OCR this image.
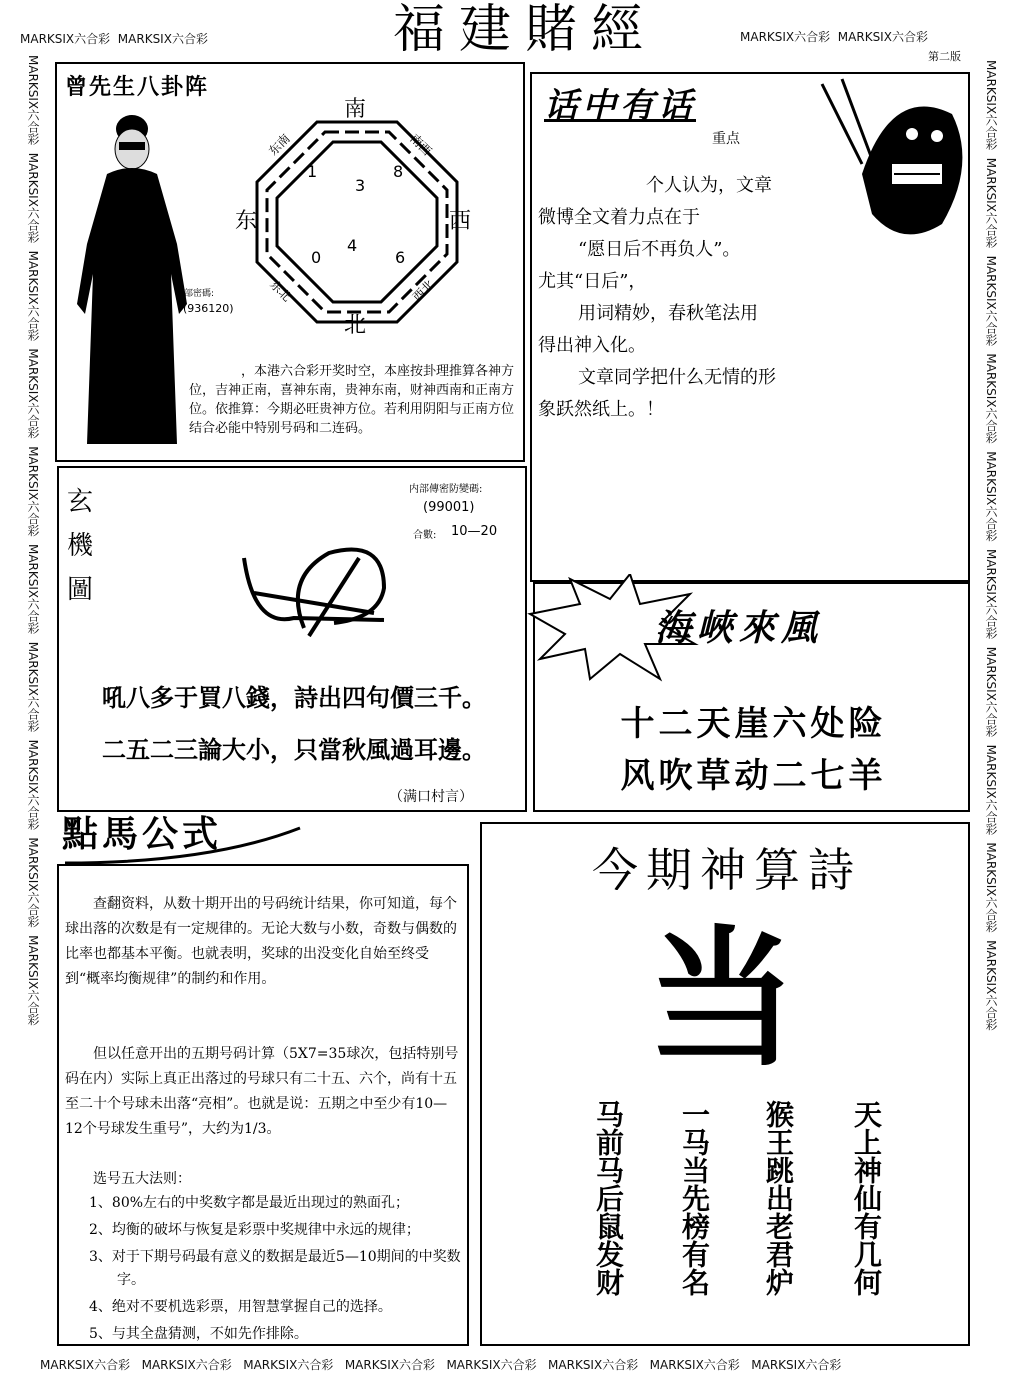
MARKSIX六合彩 MARKSIX六合彩	MARKSIX六合彩 MARKSIX六合彩
第二版
MARKSIX六合彩  MARKSIX六合彩  MARKSIX六合彩  MARKSIX六合彩  MARKSIX六合彩  MARKSIX六合彩  MARKSIX六合彩  MARKSIX六合彩  MARKSIX六合彩  MARKSIX六合彩
MARKSIX六合彩  MARKSIX六合彩  MARKSIX六合彩  MARKSIX六合彩  MARKSIX六合彩  MARKSIX六合彩  MARKSIX六合彩  MARKSIX六合彩  MARKSIX六合彩  MARKSIX六合彩
MARKSIX六合彩 MARKSIX六合彩 MARKSIX六合彩 MARKSIX六合彩 MARKSIX六合彩 MARKSIX六合彩 MARKSIX六合彩 MARKSIX六合彩
福建賭經
曾先生八卦阵
内部密碼:
(936120)
南
北
东	西
东南	南西
东北	西北
1
3
8
0
4
6

，本港六合彩开奖时空，本座按卦理推算各神方位，吉神正南，喜神东南，贵神东南，财神西南和正南方位。依推算：今期必旺贵神方位。若利用阴阳与正南方位结合必能中特别号码和二连码。

话中有话
重点

个人认为，文章

微博全文着力点在于

“愿日后不再负人”。

尤其“日后”，

用词精妙，春秋笔法用

得出神入化。

文章同学把什么无情的形

象跃然纸上。！

玄
機
圖
内部傳密防變碼:
(99001)
合數: 10—20
吼八多于買八錢，詩出四句價三千。
二五二三論大小，只當秋風過耳邊。
（满口村言）
海峽來風
十二天崖六处险
风吹草动二七羊
點馬公式

查翻资料，从数十期开出的号码统计结果，你可知道，每个球出落的次数是有一定规律的。无论大数与小数，奇数与偶数的比率也都基本平衡。也就表明，奖球的出没变化自始至终受到“概率均衡规律”的制约和作用。

但以任意开出的五期号码计算（5X7=35球次，包括特别号码在内）实际上真正出落过的号球只有二十五、六个，尚有十五至二十个号球未出落“亮相”。也就是说：五期之中至少有10—12个号球发生重号”，大约为1/3。

选号五大法则：

1、80%左右的中奖数字都是最近出现过的熟面孔；

2、均衡的破坏与恢复是彩票中奖规律中永远的规律；

3、对于下期号码最有意义的数据是最近5—10期间的中奖数字。

4、绝对不要机选彩票，用智慧掌握自己的选择。

5、与其全盘猜测，不如先作排除。

今期神算詩
当
天上神仙有几何
猴王跳出老君炉
一马当先榜有名
马前马后鼠发财
